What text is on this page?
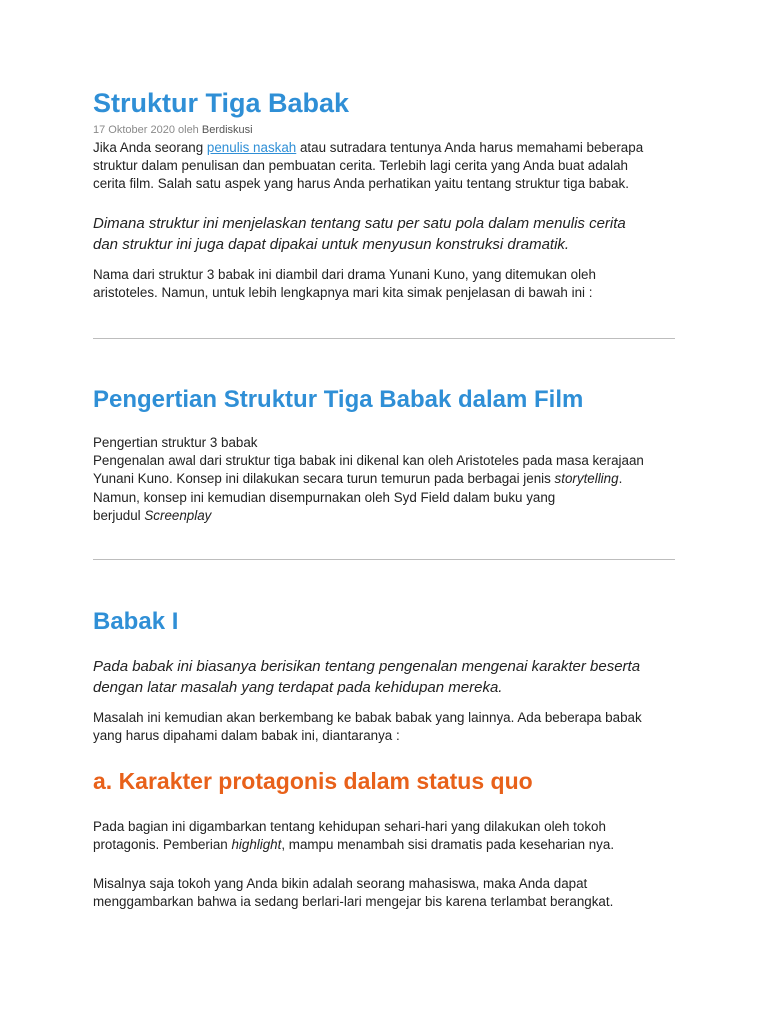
Struktur Tiga Babak
17 Oktober 2020 oleh Berdiskusi

Jika Anda seorang penulis naskah atau sutradara tentunya Anda harus memahami beberapa
struktur dalam penulisan dan pembuatan cerita. Terlebih lagi cerita yang Anda buat adalah
cerita film. Salah satu aspek yang harus Anda perhatikan yaitu tentang struktur tiga babak.

Dimana struktur ini menjelaskan tentang satu per satu pola dalam menulis cerita
dan struktur ini juga dapat dipakai untuk menyusun konstruksi dramatik.

Nama dari struktur 3 babak ini diambil dari drama Yunani Kuno, yang ditemukan oleh
aristoteles. Namun, untuk lebih lengkapnya mari kita simak penjelasan di bawah ini :

Pengertian Struktur Tiga Babak dalam Film

Pengertian struktur 3 babak
Pengenalan awal dari struktur tiga babak ini dikenal kan oleh Aristoteles pada masa kerajaan
Yunani Kuno. Konsep ini dilakukan secara turun temurun pada berbagai jenis storytelling.
Namun, konsep ini kemudian disempurnakan oleh Syd Field dalam buku yang
berjudul Screenplay

Babak I

Pada babak ini biasanya berisikan tentang pengenalan mengenai karakter beserta
dengan latar masalah yang terdapat pada kehidupan mereka.

Masalah ini kemudian akan berkembang ke babak babak yang lainnya. Ada beberapa babak
yang harus dipahami dalam babak ini, diantaranya :

a. Karakter protagonis dalam status quo

Pada bagian ini digambarkan tentang kehidupan sehari-hari yang dilakukan oleh tokoh
protagonis. Pemberian highlight, mampu menambah sisi dramatis pada keseharian nya.

Misalnya saja tokoh yang Anda bikin adalah seorang mahasiswa, maka Anda dapat
menggambarkan bahwa ia sedang berlari-lari mengejar bis karena terlambat berangkat.
